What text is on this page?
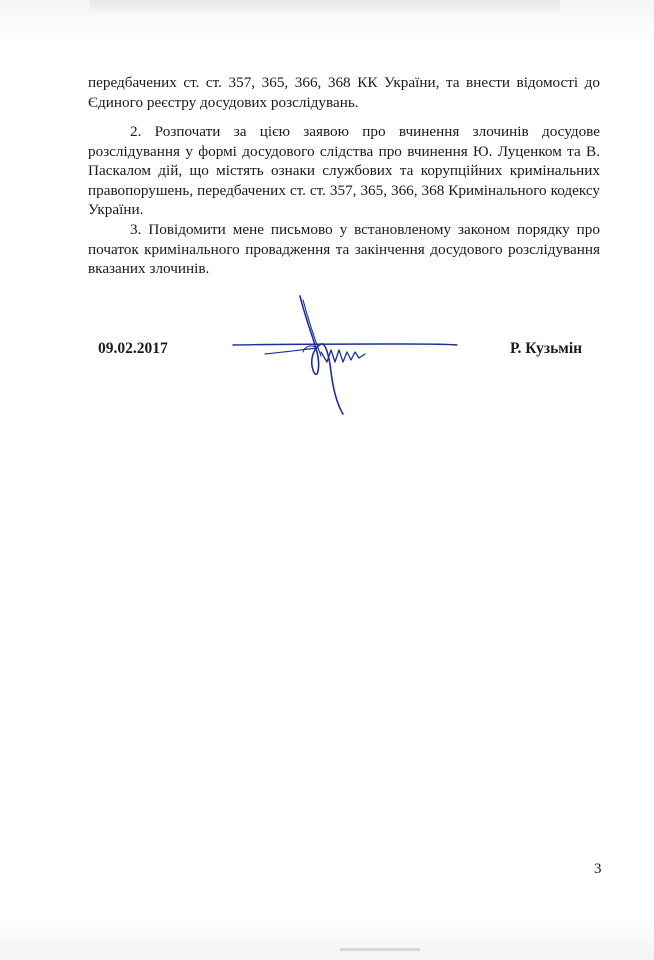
передбачених ст. ст. 357, 365, 366, 368 КК України, та внести відомості до Єдиного реєстру досудових розслідувань.

2. Розпочати за цією заявою про вчинення злочинів досудове розслідування у формі досудового слідства про вчинення Ю. Луценком та В. Паскалом дій, що містять ознаки службових та корупційних кримінальних правопорушень, передбачених ст. ст. 357, 365, 366, 368 Кримінального кодексу України.

3. Повідомити мене письмово у встановленому законом порядку про початок кримінального провадження та закінчення досудового розслідування вказаних злочинів.

09.02.2017	Р. Кузьмін
3
